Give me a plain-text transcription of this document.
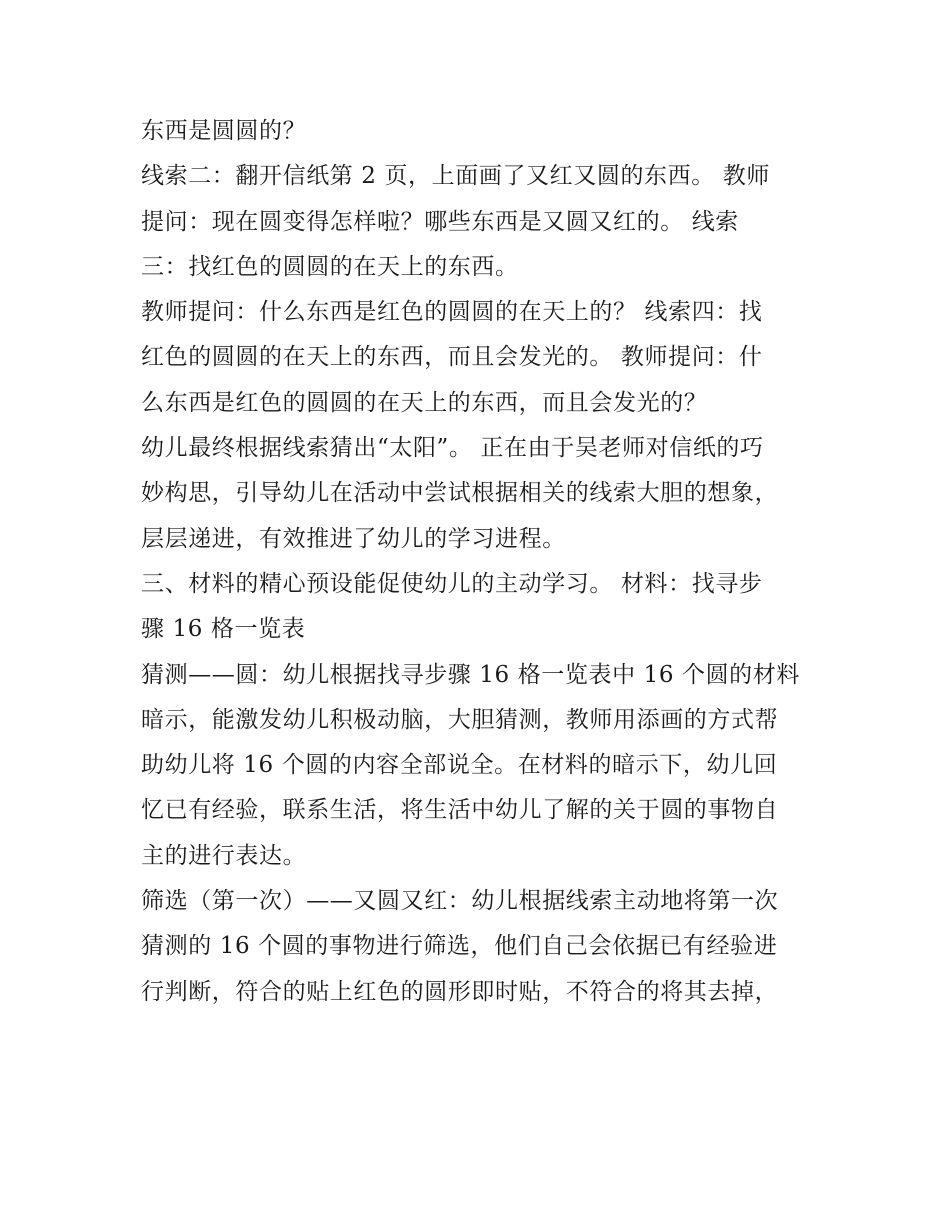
东西是圆圆的？
线索二：翻开信纸第 2 页，上面画了又红又圆的东西。 教师
提问：现在圆变得怎样啦？哪些东西是又圆又红的。 线索
三：找红色的圆圆的在天上的东西。
教师提问：什么东西是红色的圆圆的在天上的？ 线索四：找
红色的圆圆的在天上的东西，而且会发光的。 教师提问：什
么东西是红色的圆圆的在天上的东西，而且会发光的？
幼儿最终根据线索猜出“太阳”。 正在由于吴老师对信纸的巧
妙构思，引导幼儿在活动中尝试根据相关的线索大胆的想象，
层层递进，有效推进了幼儿的学习进程。
三、材料的精心预设能促使幼儿的主动学习。 材料：找寻步
骤 16 格一览表
猜测——圆：幼儿根据找寻步骤 16 格一览表中 16 个圆的材料
暗示，能激发幼儿积极动脑，大胆猜测，教师用添画的方式帮
助幼儿将 16 个圆的内容全部说全。在材料的暗示下，幼儿回
忆已有经验，联系生活，将生活中幼儿了解的关于圆的事物自
主的进行表达。
筛选（第一次）——又圆又红：幼儿根据线索主动地将第一次
猜测的 16 个圆的事物进行筛选，他们自己会依据已有经验进
行判断，符合的贴上红色的圆形即时贴，不符合的将其去掉，
